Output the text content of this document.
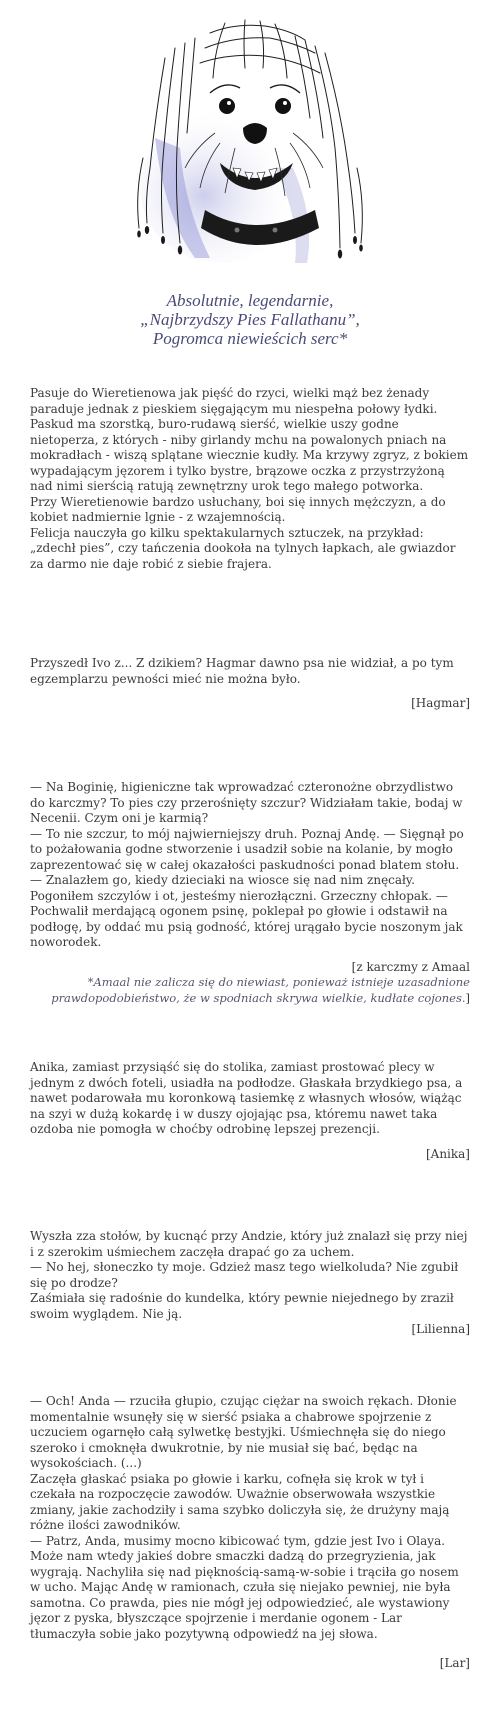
Absolutnie, legendarnie,
„Najbrzydszy Pies Fallathanu”,
Pogromca niewieścich serc*

Pasuje do Wieretienowa jak pięść do rzyci, wielki mąż bez żenady paraduje jednak z pieskiem sięgającym mu niespełna połowy łydki.

Paskud ma szorstką, buro-rudawą sierść, wielkie uszy godne nietoperza, z których - niby girlandy mchu na powalonych pniach na mokradłach - wiszą splątane wiecznie kudły. Ma krzywy zgryz, z bokiem wypadającym jęzorem i tylko bystre, brązowe oczka z przystrzyżoną nad nimi sierścią ratują zewnętrzny urok tego małego potworka.

Przy Wieretienowie bardzo usłuchany, boi się innych mężczyzn, a do kobiet nadmiernie lgnie - z wzajemnością.

Felicja nauczyła go kilku spektakularnych sztuczek, na przykład: „zdechł pies”, czy tańczenia dookoła na tylnych łapkach, ale gwiazdor za darmo nie daje robić z siebie frajera.

Przyszedł Ivo z... Z dzikiem? Hagmar dawno psa nie widział, a po tym egzemplarzu pewności mieć nie można było.

[Hagmar]

— Na Boginię, higieniczne tak wprowadzać czteronożne obrzydlistwo do karczmy? To pies czy przerośnięty szczur? Widziałam takie, bodaj w Necenii. Czym oni je karmią?

— To nie szczur, to mój najwierniejszy druh. Poznaj Andę. — Sięgnął po to pożałowania godne stworzenie i usadził sobie na kolanie, by mogło zaprezentować się w całej okazałości paskudności ponad blatem stołu.

— Znalazłem go, kiedy dzieciaki na wiosce się nad nim znęcały. Pogoniłem szczylów i ot, jesteśmy nierozłączni. Grzeczny chłopak. — Pochwalił merdającą ogonem psinę, poklepał po głowie i odstawił na podłogę, by oddać mu psią godność, której urągało bycie noszonym jak noworodek.

[z karczmy z Amaal

*Amaal nie zalicza się do niewiast, ponieważ istnieje uzasadnione

prawdopodobieństwo, że w spodniach skrywa wielkie, kudłate cojones.]

Anika, zamiast przysiąść się do stolika, zamiast prostować plecy w jednym z dwóch foteli, usiadła na podłodze. Głaskała brzydkiego psa, a nawet podarowała mu koronkową tasiemkę z własnych włosów, wiążąc na szyi w dużą kokardę i w duszy ojojając psa, któremu nawet taka ozdoba nie pomogła w choćby odrobinę lepszej prezencji.

[Anika]

Wyszła zza stołów, by kucnąć przy Andzie, który już znalazł się przy niej i z szerokim uśmiechem zaczęła drapać go za uchem.

— No hej, słoneczko ty moje. Gdzież masz tego wielkoluda? Nie zgubił się po drodze?

Zaśmiała się radośnie do kundelka, który pewnie niejednego by zraził swoim wyglądem. Nie ją.

[Lilienna]

— Och! Anda — rzuciła głupio, czując ciężar na swoich rękach. Dłonie momentalnie wsunęły się w sierść psiaka a chabrowe spojrzenie z uczuciem ogarnęło całą sylwetkę bestyjki. Uśmiechnęła się do niego szeroko i cmoknęła dwukrotnie, by nie musiał się bać, będąc na wysokościach. (...)

Zaczęła głaskać psiaka po głowie i karku, cofnęła się krok w tył i czekała na rozpoczęcie zawodów. Uważnie obserwowała wszystkie zmiany, jakie zachodziły i sama szybko doliczyła się, że drużyny mają różne ilości zawodników.

— Patrz, Anda, musimy mocno kibicować tym, gdzie jest Ivo i Olaya. Może nam wtedy jakieś dobre smaczki dadzą do przegryzienia, jak wygrają. Nachyliła się nad pięknością-samą-w-sobie i trąciła go nosem w ucho. Mając Andę w ramionach, czuła się niejako pewniej, nie była samotna. Co prawda, pies nie mógł jej odpowiedzieć, ale wystawiony jęzor z pyska, błyszczące spojrzenie i merdanie ogonem - Lar tłumaczyła sobie jako pozytywną odpowiedź na jej słowa.

[Lar]
